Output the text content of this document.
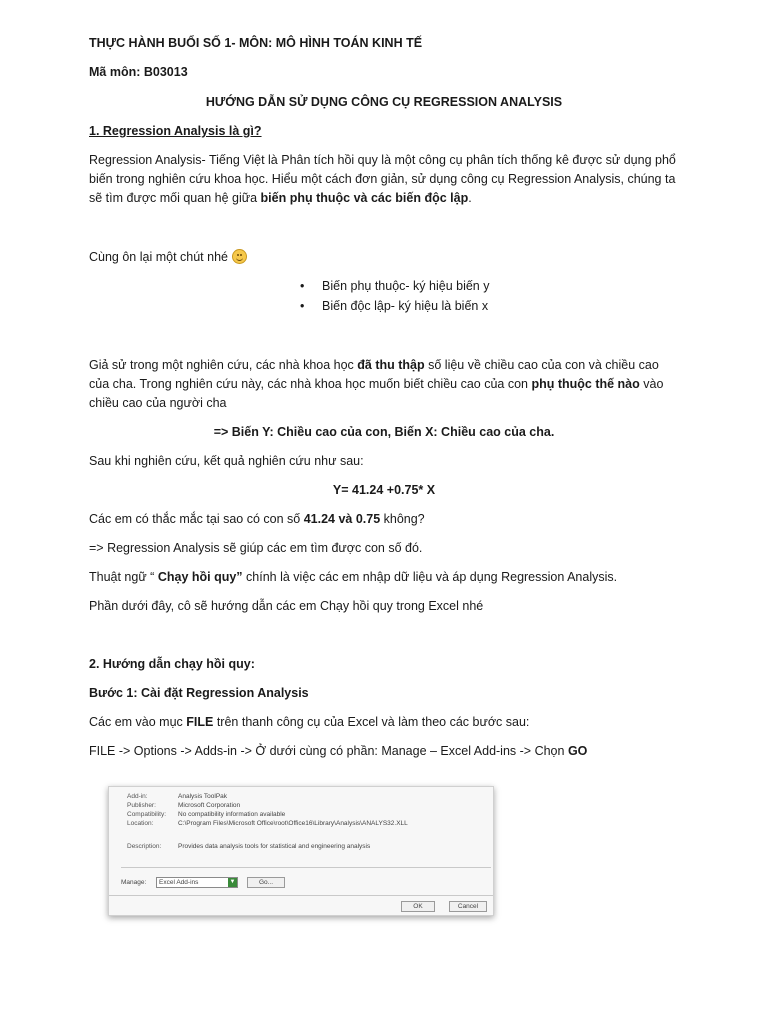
THỰC HÀNH BUỔI SỐ 1- MÔN: MÔ HÌNH TOÁN KINH TẾ
Mã môn: B03013
HƯỚNG DẪN SỬ DỤNG CÔNG CỤ REGRESSION ANALYSIS
1. Regression Analysis là gì?
Regression Analysis- Tiếng Việt là Phân tích hồi quy là một công cụ phân tích thống kê được sử dụng phổ
biến trong nghiên cứu khoa học. Hiểu một cách đơn giản, sử dụng công cụ Regression Analysis, chúng ta
sẽ tìm được mối quan hệ giữa biến phụ thuộc và các biến độc lập.
Cùng ôn lại một chút nhé
• Biến phụ thuộc- ký hiệu biến y
• Biến độc lập- ký hiệu là biến x
Giả sử trong một nghiên cứu, các nhà khoa học đã thu thập số liệu về chiều cao của con và chiều cao
của cha. Trong nghiên cứu này, các nhà khoa học muốn biết chiều cao của con phụ thuộc thế nào vào
chiều cao của người cha
=> Biến Y: Chiều cao của con, Biến X: Chiều cao của cha.
Sau khi nghiên cứu, kết quả nghiên cứu như sau:
Y= 41.24 +0.75* X
Các em có thắc mắc tại sao có con số 41.24 và 0.75 không?
=> Regression Analysis sẽ giúp các em tìm được con số đó.
Thuật ngữ “ Chạy hồi quy” chính là việc các em nhập dữ liệu và áp dụng Regression Analysis.
Phần dưới đây, cô sẽ hướng dẫn các em Chạy hồi quy trong Excel nhé
2. Hướng dẫn chạy hồi quy:
Bước 1: Cài đặt Regression Analysis
Các em vào mục FILE trên thanh công cụ của Excel và làm theo các bước sau:
FILE -> Options -> Adds-in -> Ở dưới cùng có phần: Manage – Excel Add-ins -> Chọn GO
Add-in:	Analysis ToolPak
Publisher:	Microsoft Corporation
Compatibility: No compatibility information available
Location:	C:\Program Files\Microsoft Office\root\Office16\Library\Analysis\ANALYS32.XLL
Description:	Provides data analysis tools for statistical and engineering analysis
Manage:	Excel Add-ins	▼	Go...
OK	Cancel
